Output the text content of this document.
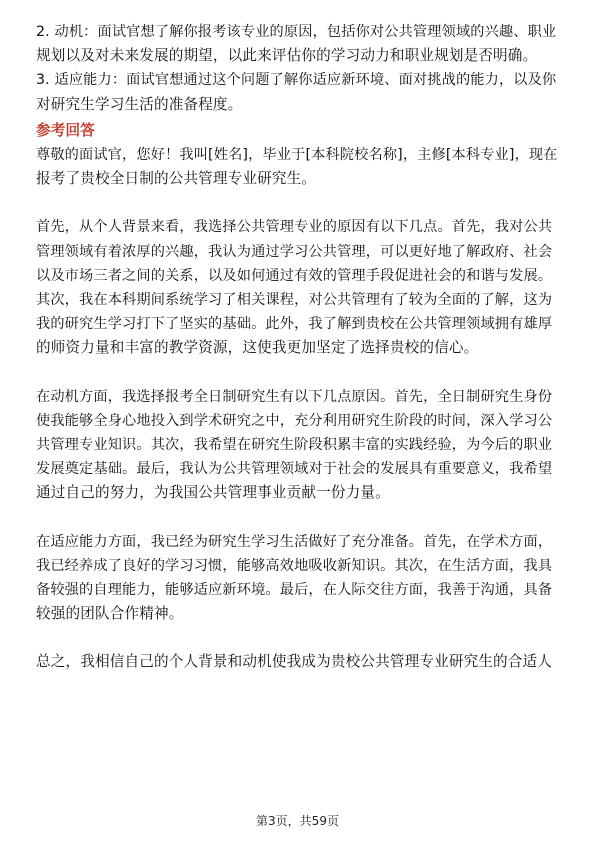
2. 动机：面试官想了解你报考该专业的原因，包括你对公共管理领域的兴趣、职业
规划以及对未来发展的期望，以此来评估你的学习动力和职业规划是否明确。
3. 适应能力：面试官想通过这个问题了解你适应新环境、面对挑战的能力，以及你
对研究生学习生活的准备程度。
参考回答
尊敬的面试官，您好！我叫[姓名]，毕业于[本科院校名称]，主修[本科专业]，现在
报考了贵校全日制的公共管理专业研究生。
首先，从个人背景来看，我选择公共管理专业的原因有以下几点。首先，我对公共
管理领域有着浓厚的兴趣，我认为通过学习公共管理，可以更好地了解政府、社会
以及市场三者之间的关系，以及如何通过有效的管理手段促进社会的和谐与发展。
其次，我在本科期间系统学习了相关课程，对公共管理有了较为全面的了解，这为
我的研究生学习打下了坚实的基础。此外，我了解到贵校在公共管理领域拥有雄厚
的师资力量和丰富的教学资源，这使我更加坚定了选择贵校的信心。
在动机方面，我选择报考全日制研究生有以下几点原因。首先，全日制研究生身份
使我能够全身心地投入到学术研究之中，充分利用研究生阶段的时间，深入学习公
共管理专业知识。其次，我希望在研究生阶段积累丰富的实践经验，为今后的职业
发展奠定基础。最后，我认为公共管理领域对于社会的发展具有重要意义，我希望
通过自己的努力，为我国公共管理事业贡献一份力量。
在适应能力方面，我已经为研究生学习生活做好了充分准备。首先，在学术方面，
我已经养成了良好的学习习惯，能够高效地吸收新知识。其次，在生活方面，我具
备较强的自理能力，能够适应新环境。最后，在人际交往方面，我善于沟通，具备
较强的团队合作精神。
总之，我相信自己的个人背景和动机使我成为贵校公共管理专业研究生的合适人
第3页，共59页
